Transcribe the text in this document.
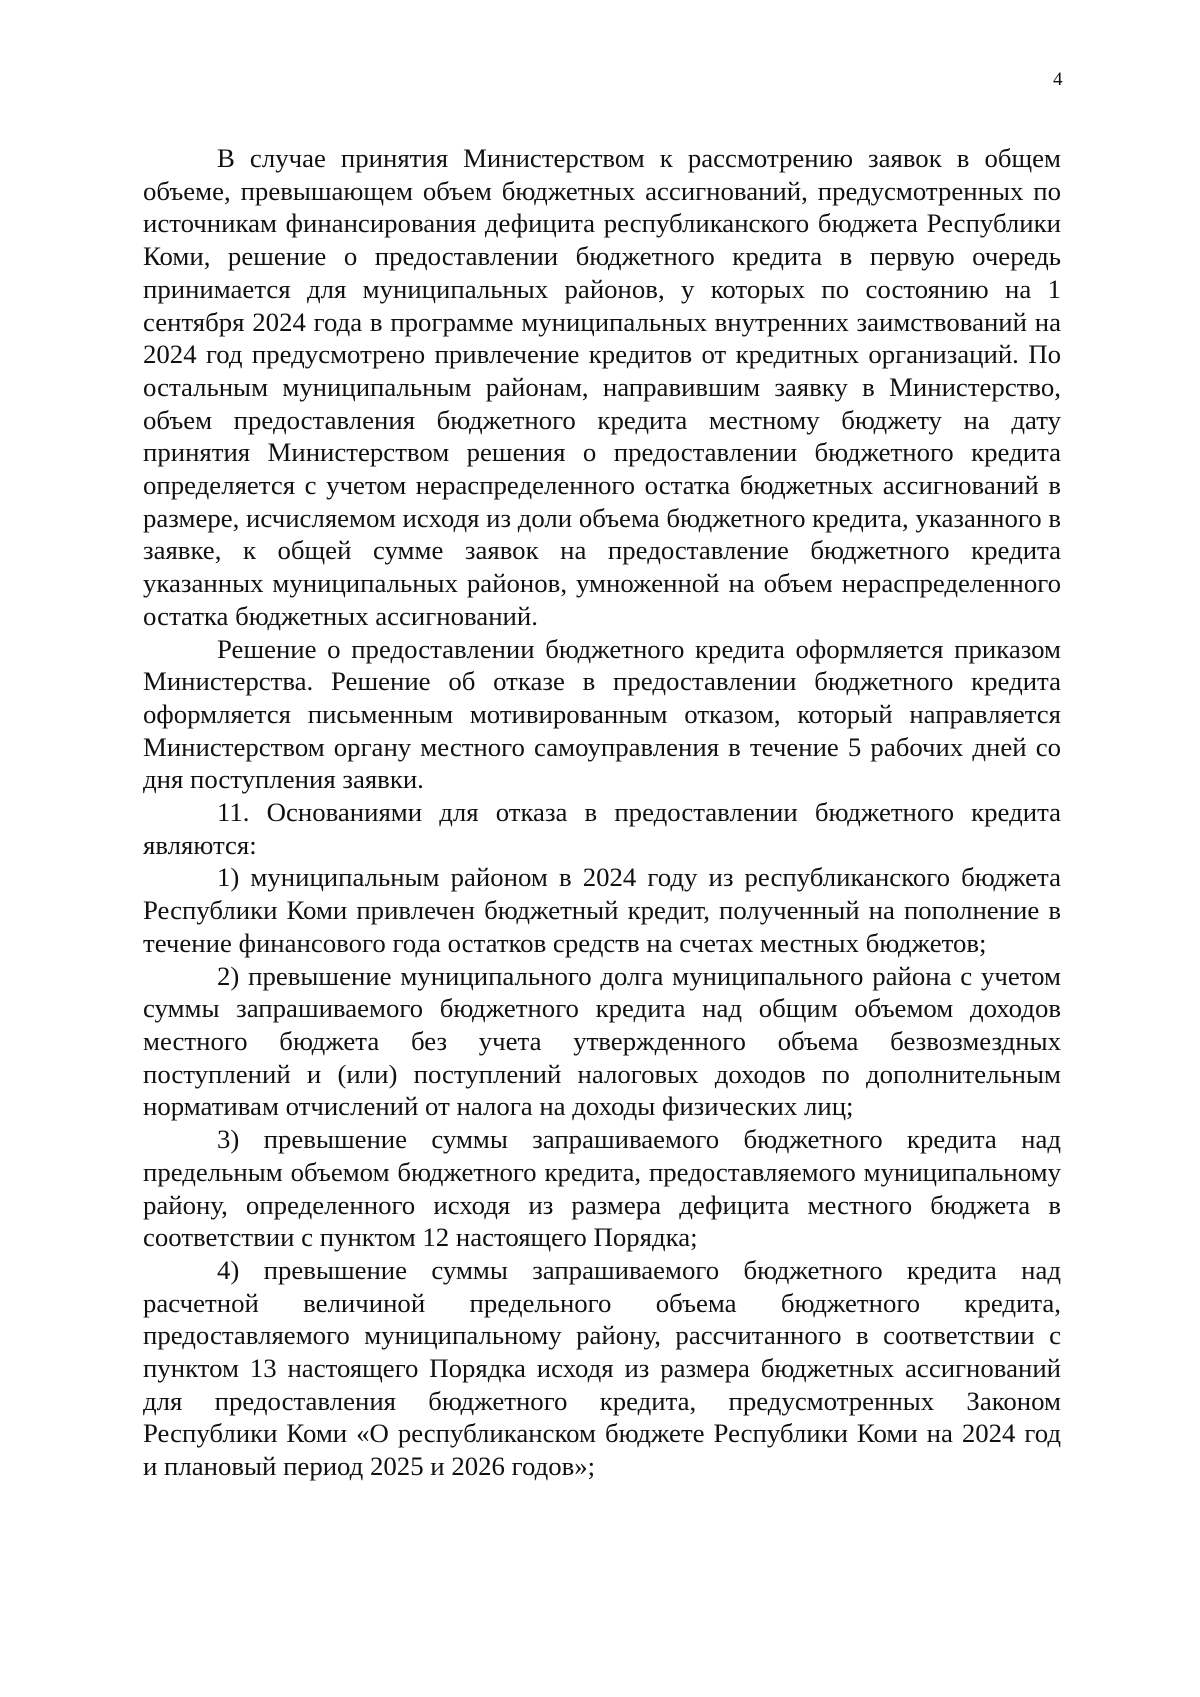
4

В случае принятия Министерством к рассмотрению заявок в общем объеме, превышающем объем бюджетных ассигнований, предусмотренных по источникам финансирования дефицита республиканского бюджета Республики Коми, решение о предоставлении бюджетного кредита в первую очередь принимается для муниципальных районов, у которых по состоянию на 1 сентября 2024 года в программе муниципальных внутренних заимствований на 2024 год предусмотрено привлечение кредитов от кредитных организаций. По остальным муниципальным районам, направившим заявку в Министерство, объем предоставления бюджетного кредита местному бюджету на дату принятия Министерством решения о предоставлении бюджетного кредита определяется с учетом нераспределенного остатка бюджетных ассигнований в размере, исчисляемом исходя из доли объема бюджетного кредита, указанного в заявке, к общей сумме заявок на предоставление бюджетного кредита указанных муниципальных районов, умноженной на объем нераспределенного остатка бюджетных ассигнований.

Решение о предоставлении бюджетного кредита оформляется приказом Министерства. Решение об отказе в предоставлении бюджетного кредита оформляется письменным мотивированным отказом, который направляется Министерством органу местного самоуправления в течение 5 рабочих дней со дня поступления заявки.

11. Основаниями для отказа в предоставлении бюджетного кредита являются:

1) муниципальным районом в 2024 году из республиканского бюджета Республики Коми привлечен бюджетный кредит, полученный на пополнение в течение финансового года остатков средств на счетах местных бюджетов;

2) превышение муниципального долга муниципального района с учетом суммы запрашиваемого бюджетного кредита над общим объемом доходов местного бюджета без учета утвержденного объема безвозмездных поступлений и (или) поступлений налоговых доходов по дополнительным нормативам отчислений от налога на доходы физических лиц;

3) превышение суммы запрашиваемого бюджетного кредита над предельным объемом бюджетного кредита, предоставляемого муниципальному району, определенного исходя из размера дефицита местного бюджета в соответствии с пунктом 12 настоящего Порядка;

4) превышение суммы запрашиваемого бюджетного кредита над расчетной величиной предельного объема бюджетного кредита, предоставляемого муниципальному району, рассчитанного в соответствии с пунктом 13 настоящего Порядка исходя из размера бюджетных ассигнований для предоставления бюджетного кредита, предусмотренных Законом Республики Коми «О республиканском бюджете Республики Коми на 2024 год и плановый период 2025 и 2026 годов»;
